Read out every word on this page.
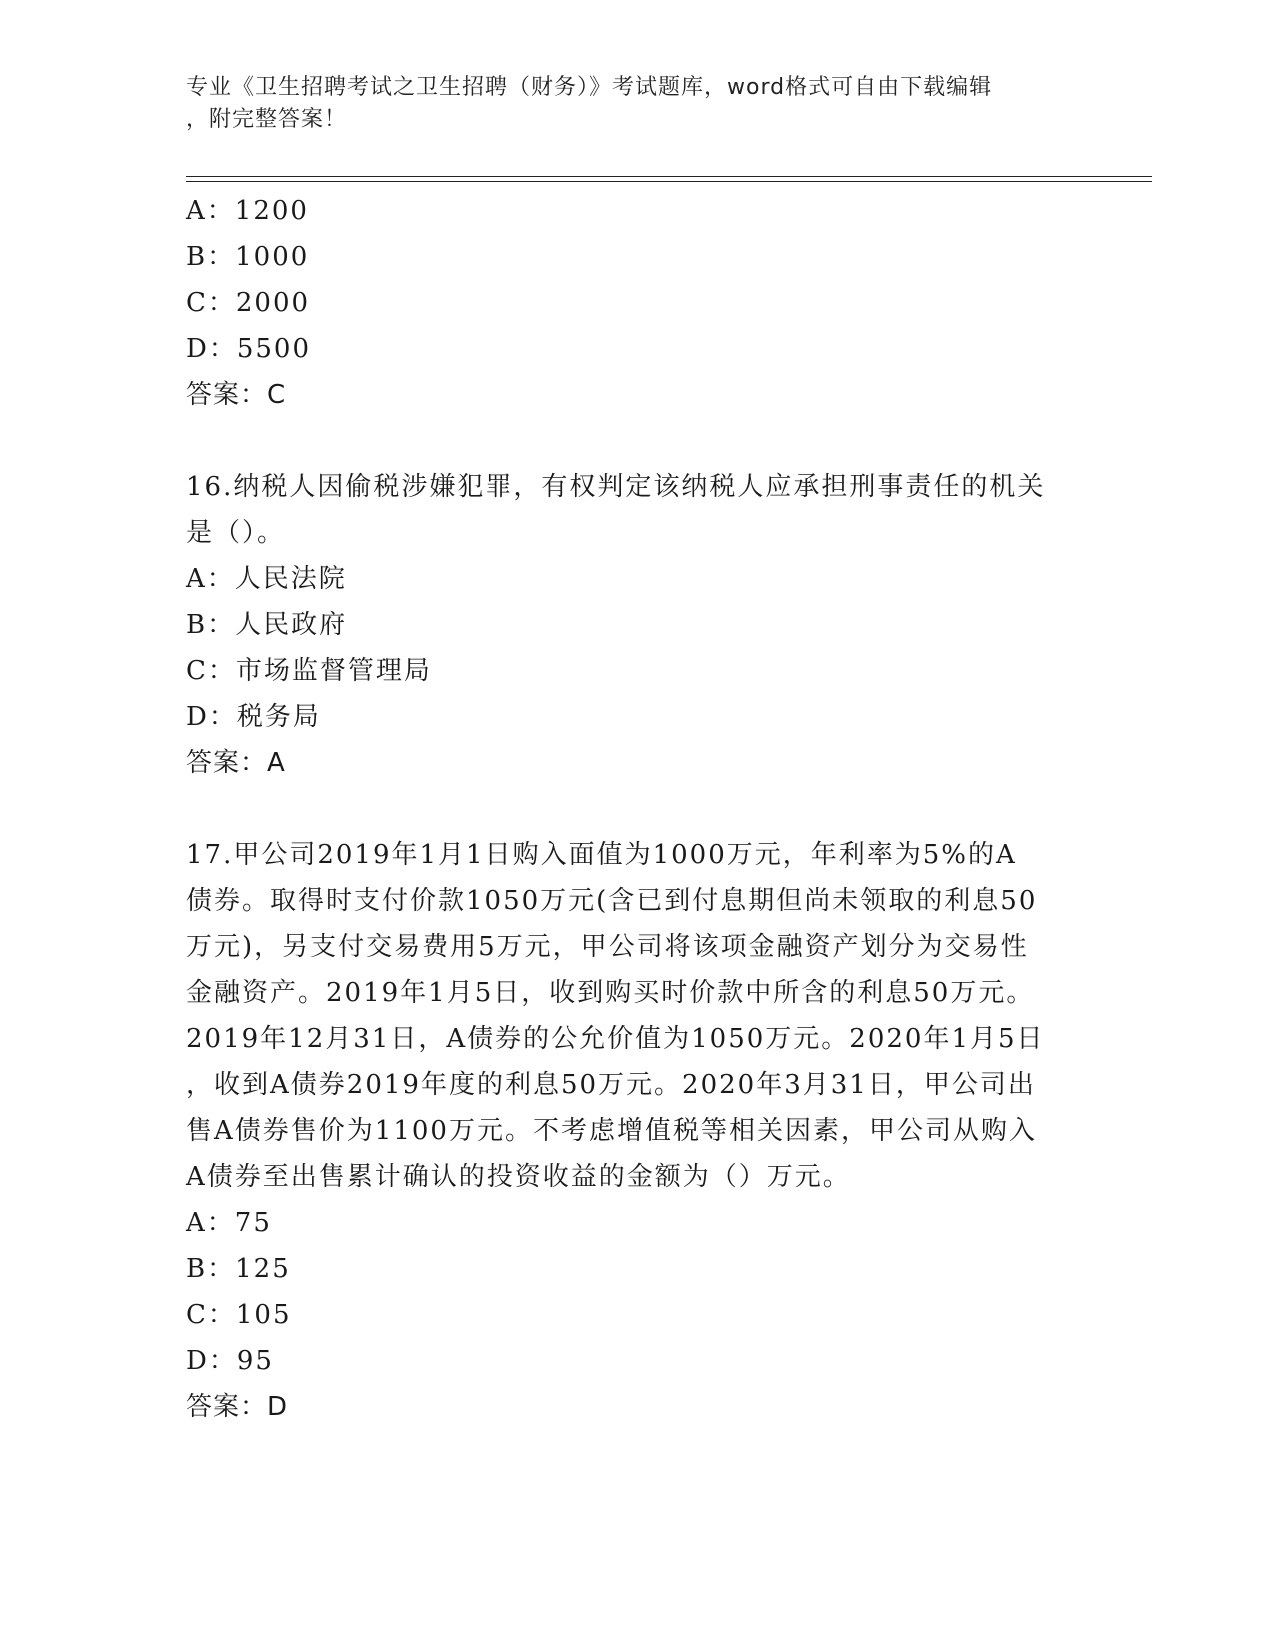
专业《卫生招聘考试之卫生招聘（财务）》考试题库，word格式可自由下载编辑
，附完整答案！
A：1200
B：1000
C：2000
D：5500
答案：C
16.纳税人因偷税涉嫌犯罪，有权判定该纳税人应承担刑事责任的机关
是（）。
A：人民法院
B：人民政府
C：市场监督管理局
D：税务局
答案：A
17.甲公司2019年1月1日购入面值为1000万元，年利率为5%的A
债券。取得时支付价款1050万元(含已到付息期但尚未领取的利息50
万元)，另支付交易费用5万元，甲公司将该项金融资产划分为交易性
金融资产。2019年1月5日，收到购买时价款中所含的利息50万元。
2019年12月31日，A债券的公允价值为1050万元。2020年1月5日
，收到A债券2019年度的利息50万元。2020年3月31日，甲公司出
售A债券售价为1100万元。不考虑增值税等相关因素，甲公司从购入
A债券至出售累计确认的投资收益的金额为（）万元。
A：75
B：125
C：105
D：95
答案：D
